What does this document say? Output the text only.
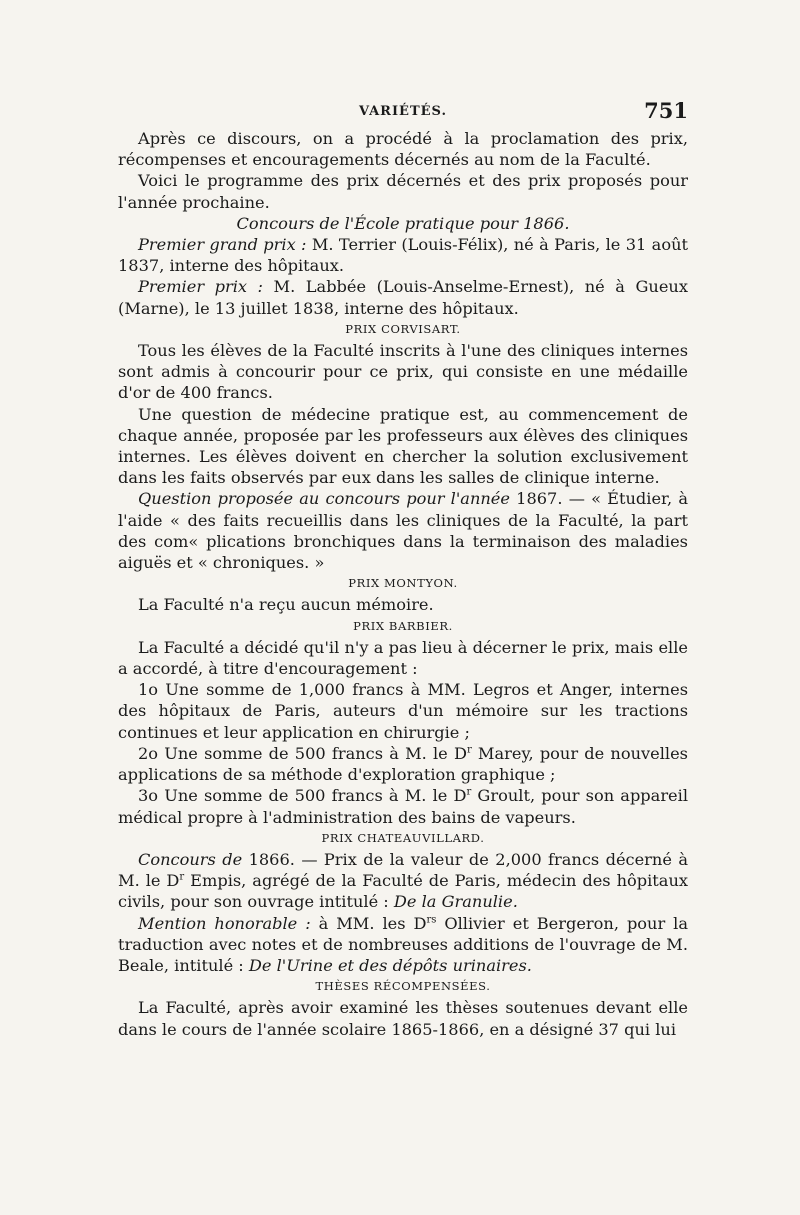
VARIÉTÉS.	751

Après ce discours, on a procédé à la proclamation des prix, récompenses et encouragements décernés au nom de la Faculté.

Voici le programme des prix décernés et des prix proposés pour l'année prochaine.

Concours de l'École pratique pour 1866.

Premier grand prix : M. Terrier (Louis-Félix), né à Paris, le 31 août 1837, interne des hôpitaux.

Premier prix : M. Labbée (Louis-Anselme-Ernest), né à Gueux (Marne), le 13 juillet 1838, interne des hôpitaux.

PRIX CORVISART.

Tous les élèves de la Faculté inscrits à l'une des cliniques internes sont admis à concourir pour ce prix, qui consiste en une médaille d'or de 400 francs.

Une question de médecine pratique est, au commencement de chaque année, proposée par les professeurs aux élèves des cliniques internes. Les élèves doivent en chercher la solution exclusivement dans les faits observés par eux dans les salles de clinique interne.

Question proposée au concours pour l'année 1867. — « Étudier, à l'aide « des faits recueillis dans les cliniques de la Faculté, la part des com« plications bronchiques dans la terminaison des maladies aiguës et « chroniques. »

PRIX MONTYON.

La Faculté n'a reçu aucun mémoire.

PRIX BARBIER.

La Faculté a décidé qu'il n'y a pas lieu à décerner le prix, mais elle a accordé, à titre d'encouragement :

1o Une somme de 1,000 francs à MM. Legros et Anger, internes des hôpitaux de Paris, auteurs d'un mémoire sur les tractions continues et leur application en chirurgie ;

2o Une somme de 500 francs à M. le $D^r$ Marey, pour de nouvelles applications de sa méthode d'exploration graphique ;

3o Une somme de 500 francs à M. le $D^r$ Groult, pour son appareil médical propre à l'administration des bains de vapeurs.

PRIX CHATEAUVILLARD.

Concours de 1866. — Prix de la valeur de 2,000 francs décerné à M. le $D^r$ Empis, agrégé de la Faculté de Paris, médecin des hôpitaux civils, pour son ouvrage intitulé : De la Granulie.

Mention honorable : à MM. les $D^{rs}$ Ollivier et Bergeron, pour la traduction avec notes et de nombreuses additions de l'ouvrage de M. Beale, intitulé : De l'Urine et des dépôts urinaires.

THÈSES RÉCOMPENSÉES.

La Faculté, après avoir examiné les thèses soutenues devant elle dans le cours de l'année scolaire 1865-1866, en a désigné 37 qui lui
